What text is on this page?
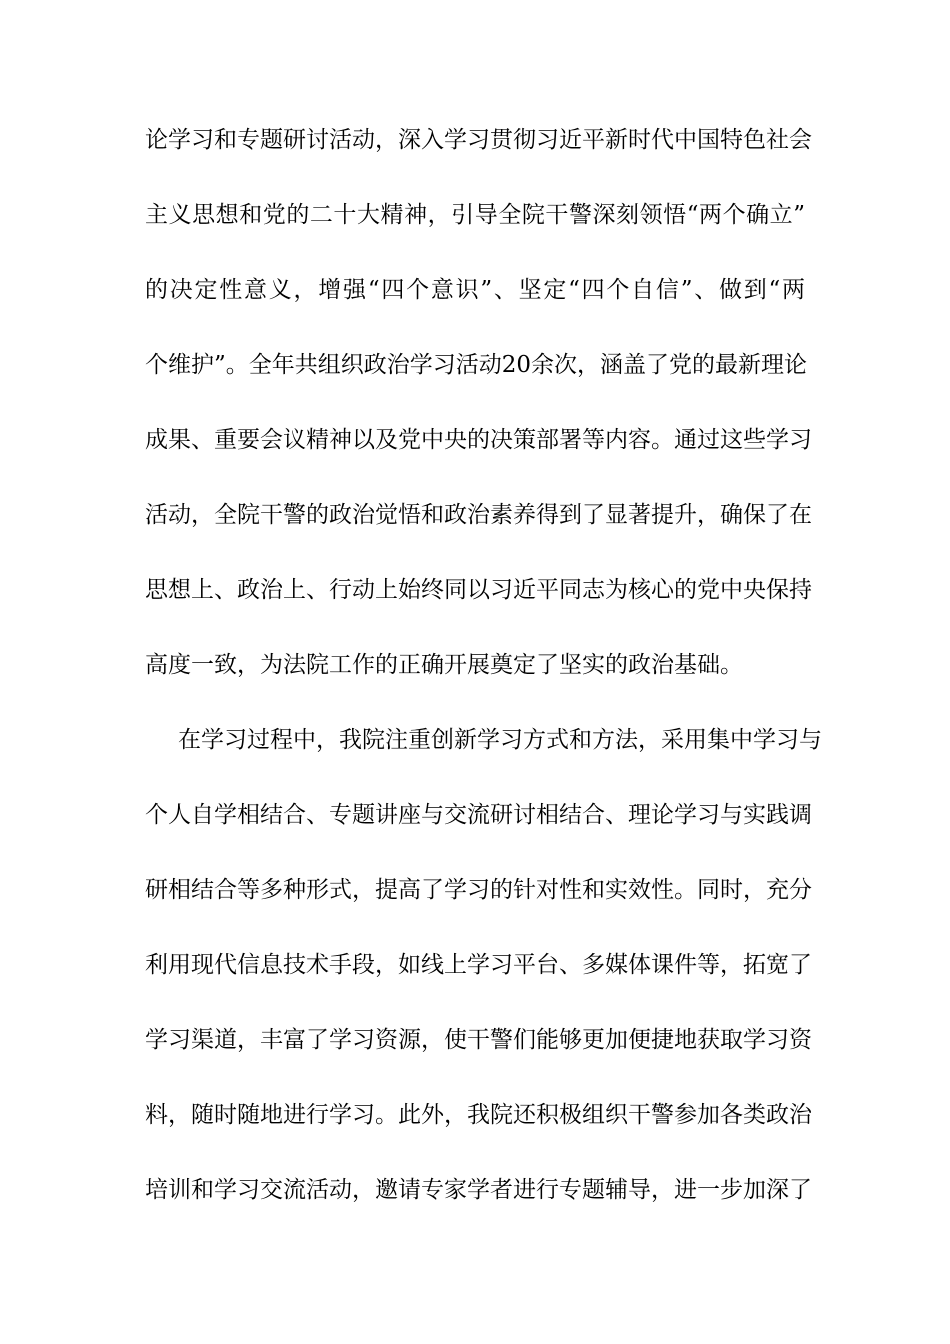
论学习和专题研讨活动，深入学习贯彻习近平新时代中国特色社会
主义思想和党的二十大精神，引导全院干警深刻领悟“两个确立”
的决定性意义，增强“四个意识”、坚定“四个自信”、做到“两
个维护”。全年共组织政治学习活动20余次，涵盖了党的最新理论
成果、重要会议精神以及党中央的决策部署等内容。通过这些学习
活动，全院干警的政治觉悟和政治素养得到了显著提升，确保了在
思想上、政治上、行动上始终同以习近平同志为核心的党中央保持
高度一致，为法院工作的正确开展奠定了坚实的政治基础。
在学习过程中，我院注重创新学习方式和方法，采用集中学习与
个人自学相结合、专题讲座与交流研讨相结合、理论学习与实践调
研相结合等多种形式，提高了学习的针对性和实效性。同时，充分
利用现代信息技术手段，如线上学习平台、多媒体课件等，拓宽了
学习渠道，丰富了学习资源，使干警们能够更加便捷地获取学习资
料，随时随地进行学习。此外，我院还积极组织干警参加各类政治
培训和学习交流活动，邀请专家学者进行专题辅导，进一步加深了
